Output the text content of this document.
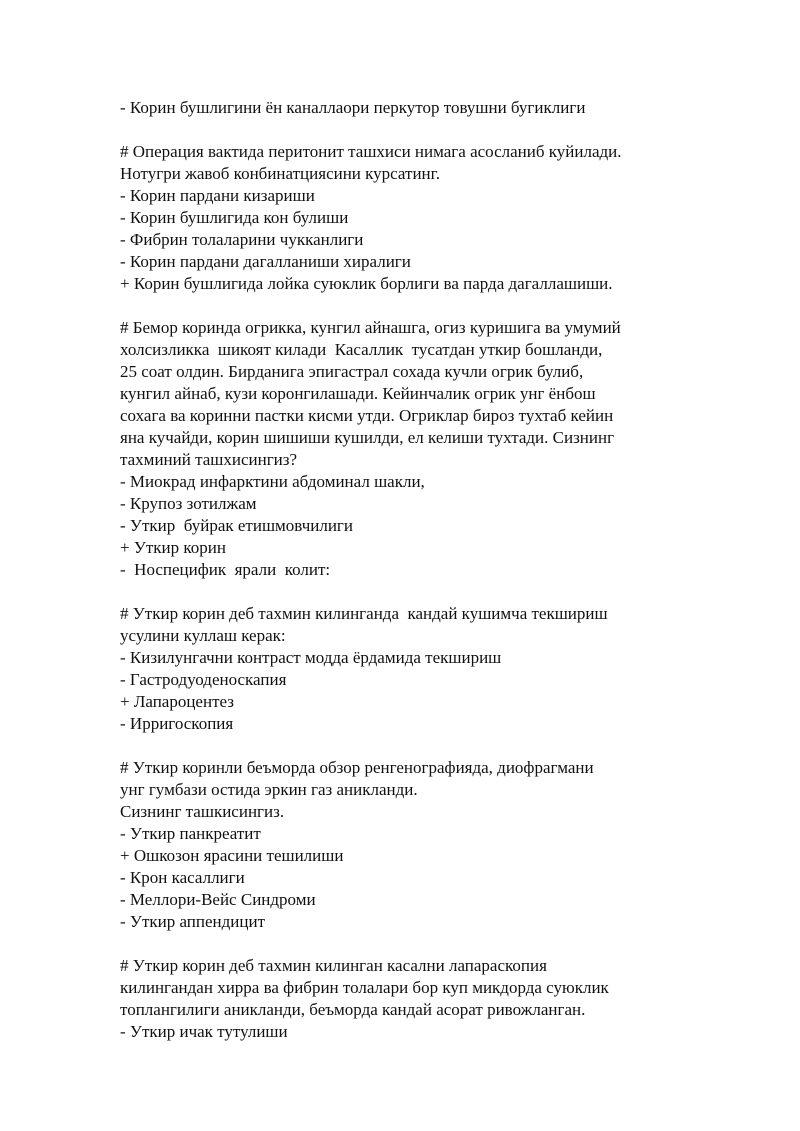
- Корин бушлигини ён каналлаори перкутор товушни бугиклиги
# Операция вактида перитонит ташхиси нимага асосланиб куйилади.
Нотугри жавоб конбинатциясини курсатинг.
- Корин пардани кизариши
- Корин бушлигида кон булиши
- Фибрин толаларини чукканлиги
- Корин пардани дагалланиши хиралиги
+ Корин бушлигида лойка суюклик борлиги ва парда дагаллашиши.
# Бемор коринда огрикка, кунгил айнашга, огиз куришига ва умумий
холсизликка  шикоят килади  Касаллик  тусатдан уткир бошланди,
25 соат олдин. Бирданига эпигастрал сохада кучли огрик булиб,
кунгил айнаб, кузи коронгилашади. Кейинчалик огрик унг ёнбош
сохага ва коринни пастки кисми утди. Огриклар бироз тухтаб кейин
яна кучайди, корин шишиши кушилди, ел келиши тухтади. Сизнинг
тахминий ташхисингиз?
- Миокрад инфарктини абдоминал шакли,
- Крупоз зотилжам
- Уткир  буйрак етишмовчилиги
+ Уткир корин
-  Носпецифик  ярали  колит:
# Уткир корин деб тахмин килинганда  кандай кушимча текшириш
усулини куллаш керак:
- Кизилунгачни контраст модда ёрдамида текшириш
- Гастродуоденоскапия
+ Лапароцентез
- Ирригоскопия
# Уткир коринли беъморда обзор ренгенографияда, диофрагмани
унг гумбази остида эркин газ аникланди.
Сизнинг ташкисингиз.
- Уткир панкреатит
+ Ошкозон ярасини тешилиши
- Крон касаллиги
- Меллори-Вейс Синдроми
- Уткир аппендицит
# Уткир корин деб тахмин килинган касални лапараскопия
килингандан хирра ва фибрин толалари бор куп микдорда суюклик
топлангилиги аникланди, беъморда кандай асорат ривожланган.
- Уткир ичак тутулиши
